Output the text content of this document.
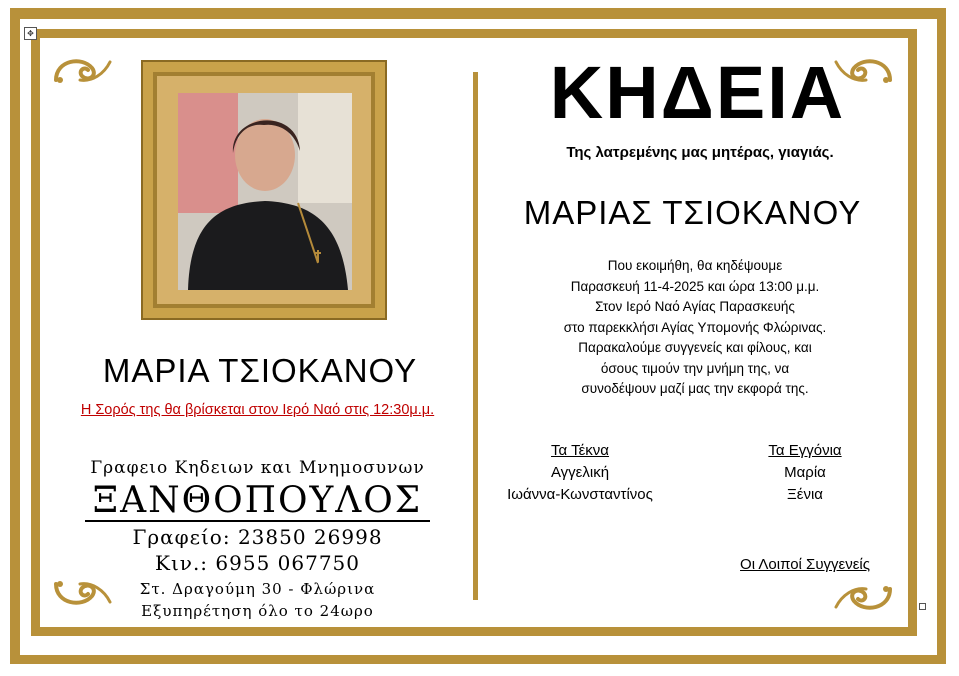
✥
ΜΑΡΙΑ ΤΣΙΟΚΑΝΟΥ
Η Σορός της θα βρίσκεται στον Ιερό Ναό στις 12:30μ.μ.
Γραφειο Κηδειων και Μνημοσυνων
ΞΑΝΘΟΠΟΥΛΟΣ
Γραφείο: 23850 26998
Κιν.: 6955 067750
Στ. Δραγούμη 30 - Φλώρινα
Εξυπηρέτηση όλο το 24ωρο
ΚΗΔΕΙΑ
Της λατρεμένης μας μητέρας, γιαγιάς.
ΜΑΡΙΑΣ ΤΣΙΟΚΑΝΟΥ
Που εκοιμήθη, θα κηδέψουμε
Παρασκευή 11-4-2025 και ώρα 13:00 μ.μ.
Στον Ιερό Ναό Αγίας Παρασκευής
στο παρεκκλήσι Αγίας Υπομονής Φλώρινας.
Παρακαλούμε συγγενείς και φίλους, και
όσους τιμούν την μνήμη της, να
συνοδέψουν μαζί μας την εκφορά της.
Τα Τέκνα
Αγγελική
Ιωάννα-Κωνσταντίνος
Τα Εγγόνια
Μαρία
Ξένια
Οι Λοιποί Συγγενείς
